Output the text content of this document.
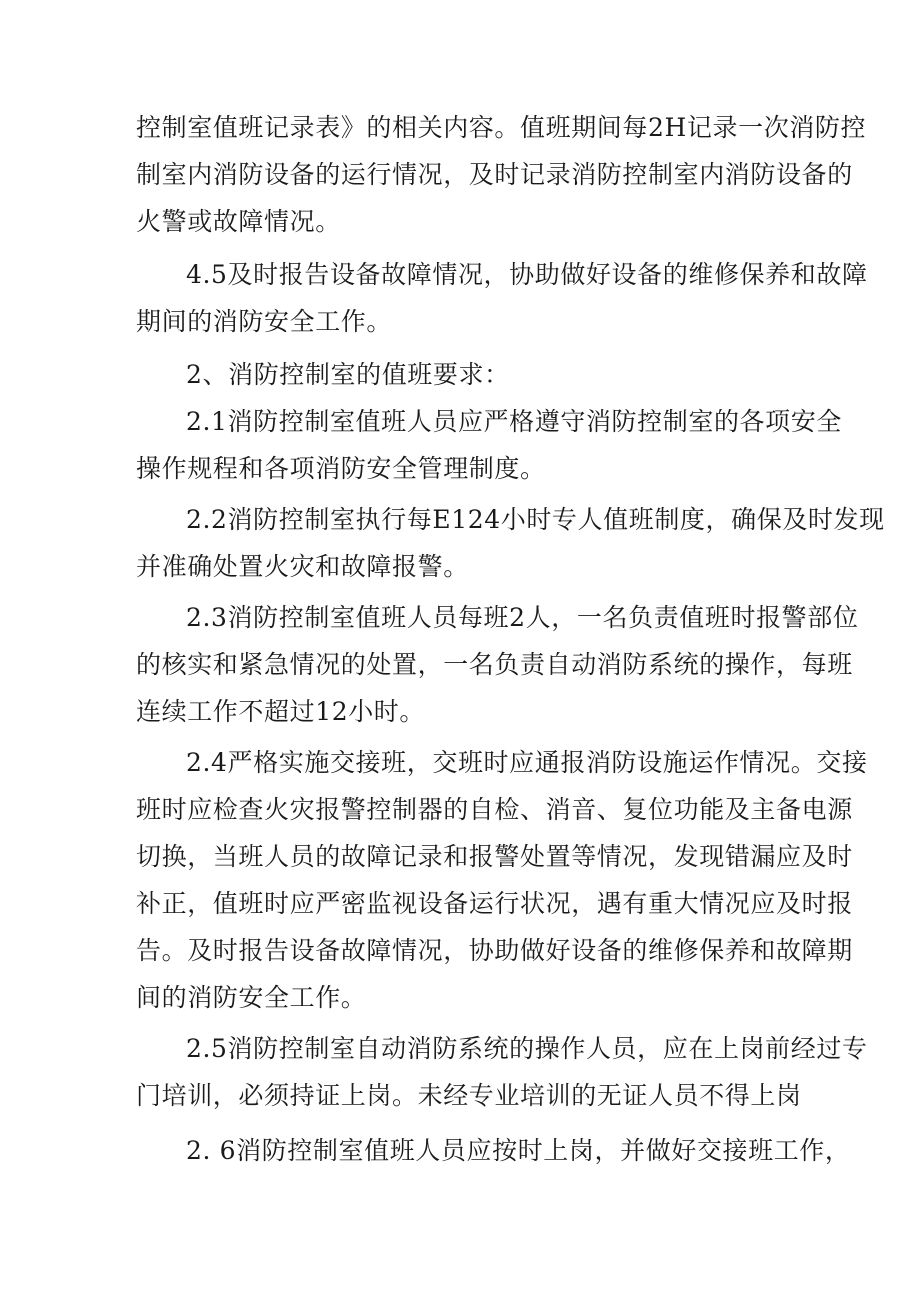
控制室值班记录表》的相关内容。值班期间每2H记录一次消防控
制室内消防设备的运行情况，及时记录消防控制室内消防设备的
火警或故障情况。
4.5及时报告设备故障情况，协助做好设备的维修保养和故障
期间的消防安全工作。
2、消防控制室的值班要求：
2.1消防控制室值班人员应严格遵守消防控制室的各项安全
操作规程和各项消防安全管理制度。
2.2消防控制室执行每E124小时专人值班制度，确保及时发现
并准确处置火灾和故障报警。
2.3消防控制室值班人员每班2人，一名负责值班时报警部位
的核实和紧急情况的处置，一名负责自动消防系统的操作，每班
连续工作不超过12小时。
2.4严格实施交接班，交班时应通报消防设施运作情况。交接
班时应检查火灾报警控制器的自检、消音、复位功能及主备电源
切换，当班人员的故障记录和报警处置等情况，发现错漏应及时
补正，值班时应严密监视设备运行状况，遇有重大情况应及时报
告。及时报告设备故障情况，协助做好设备的维修保养和故障期
间的消防安全工作。
2.5消防控制室自动消防系统的操作人员，应在上岗前经过专
门培训，必须持证上岗。未经专业培训的无证人员不得上岗
2. 6消防控制室值班人员应按时上岗，并做好交接班工作，
